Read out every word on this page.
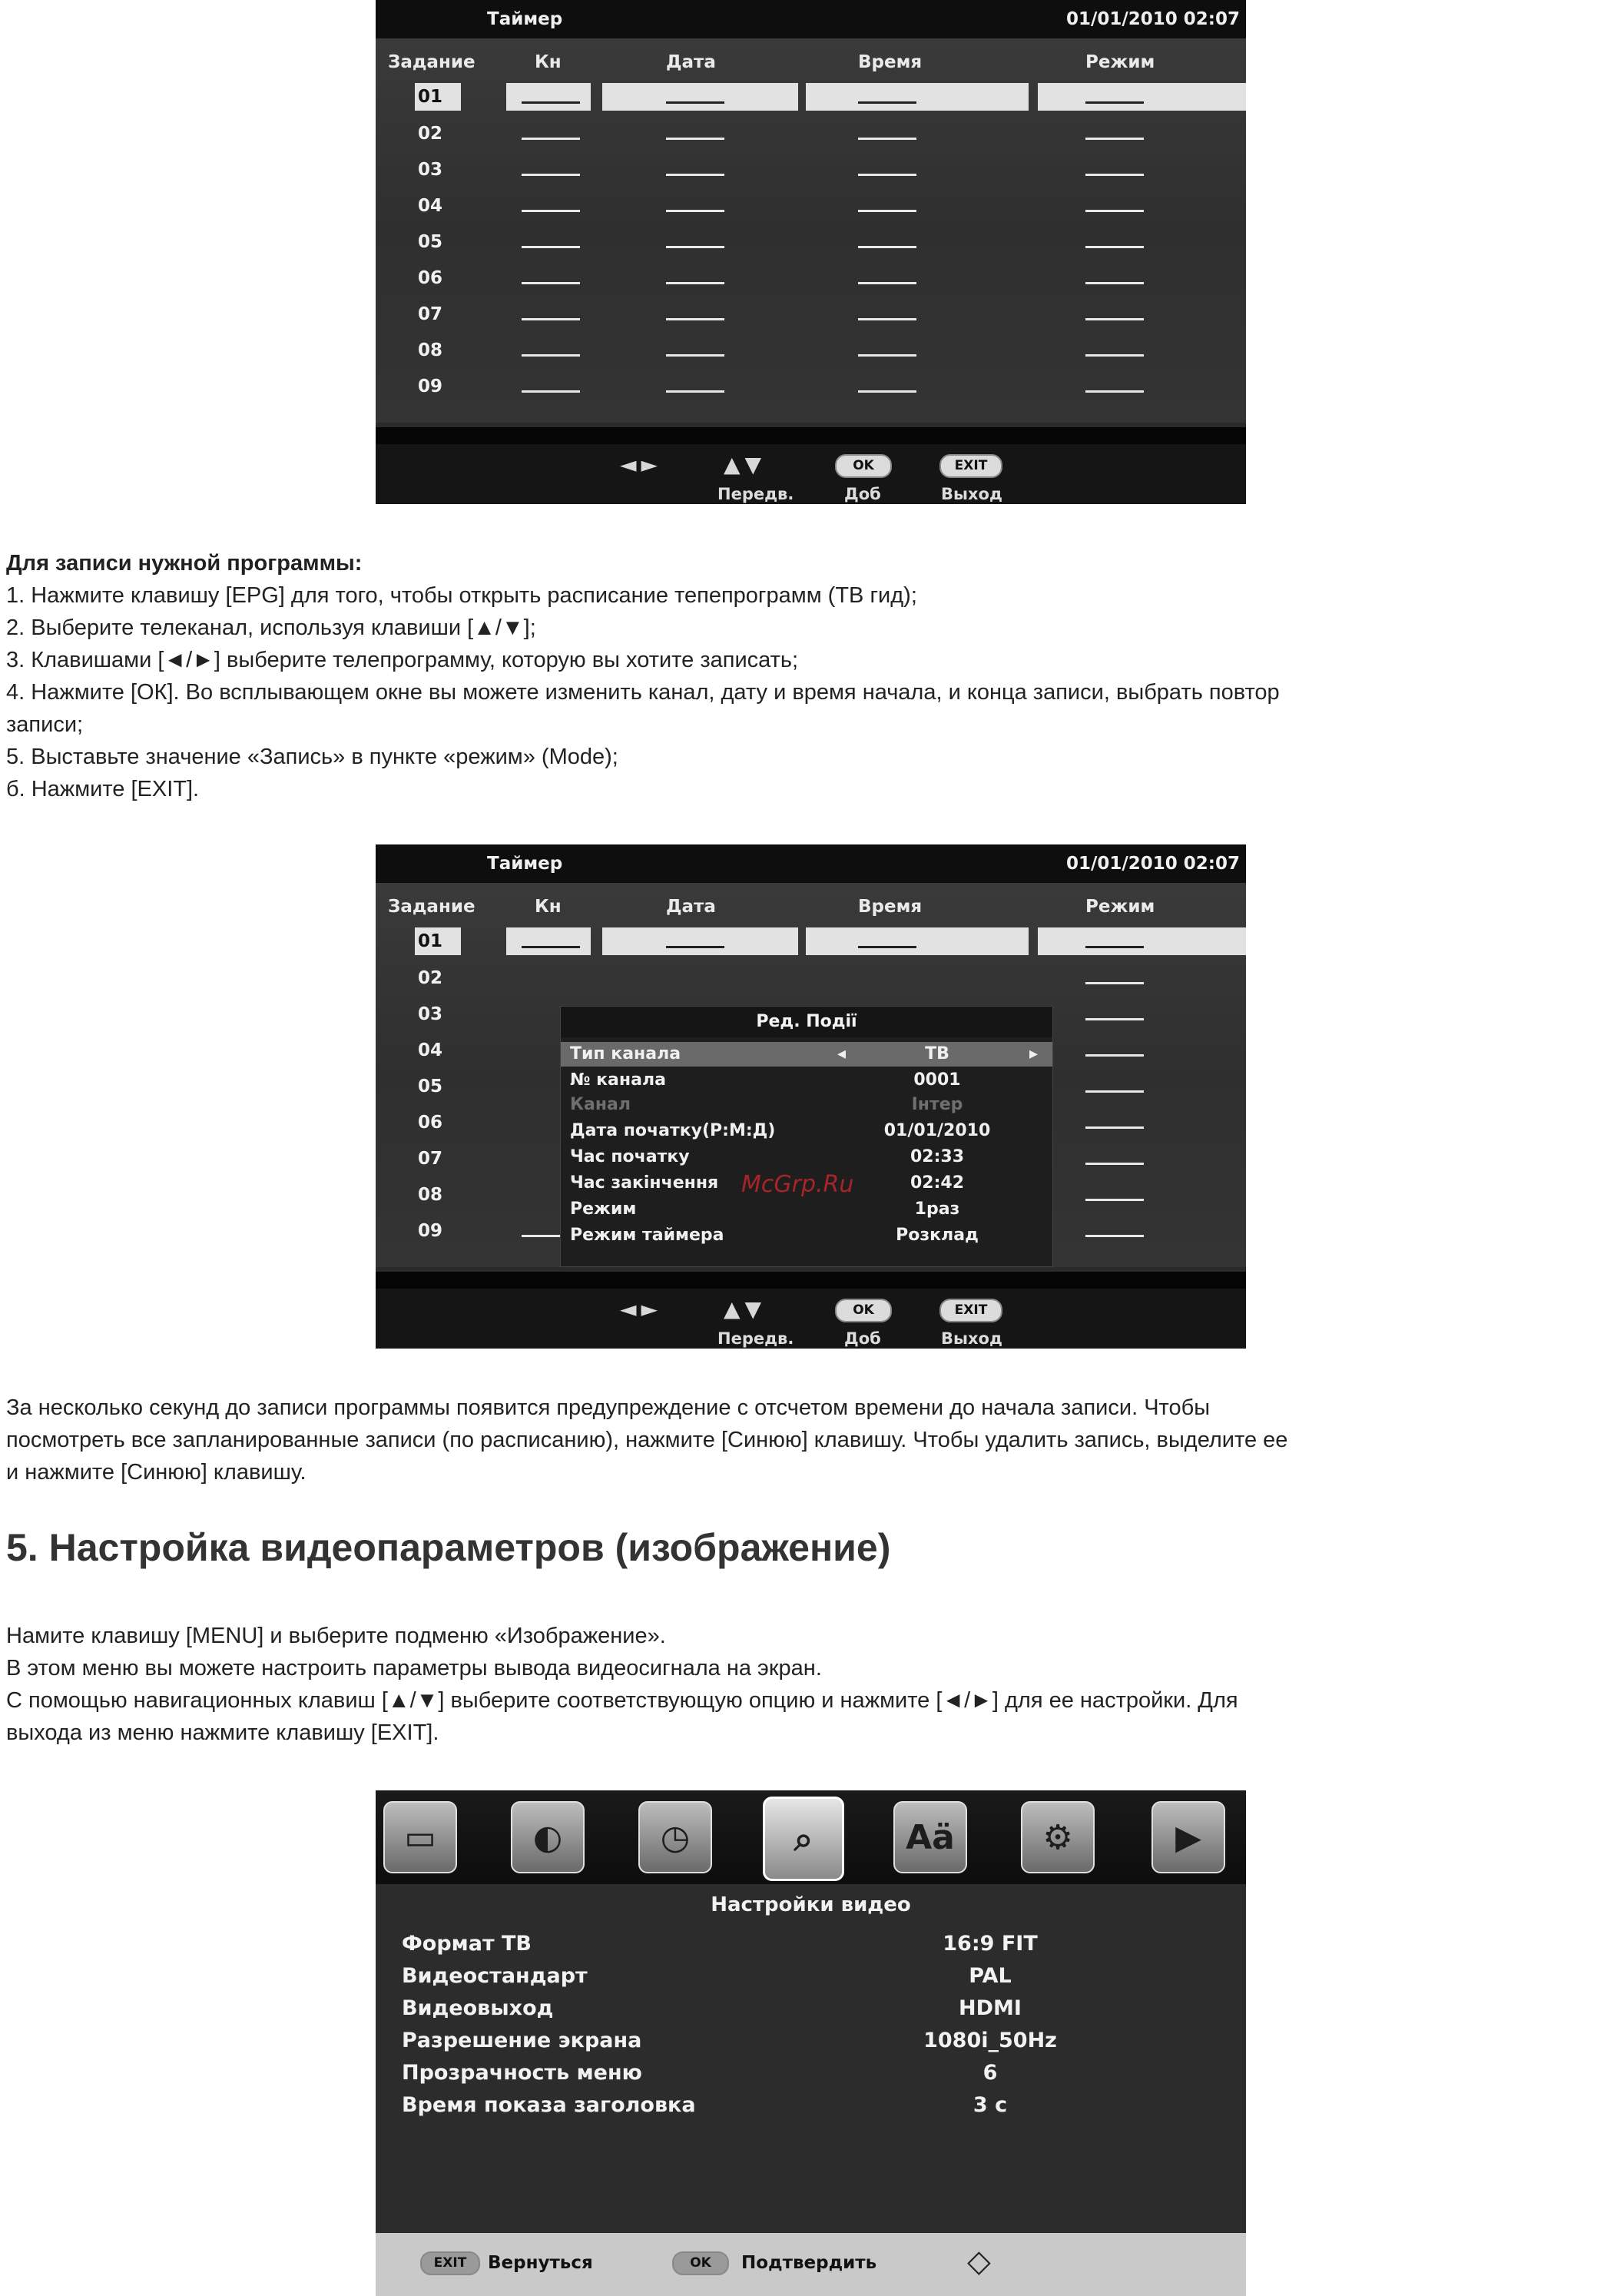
Таймер	01/01/2010 02:07
Задание	Кн	Дата	Время	Режим
01
02
03
04
05
06
07
08
09
◄►	▲▼	OK	EXIT
Передв.	Доб	Выход
Для записи нужной программы:
1. Нажмите клавишу [EPG] для того, чтобы открыть расписание тепепрограмм (ТВ гид);
2. Выберите телеканал, используя клавиши [▲/▼];
3. Клавишами [◄/►] выберите телепрограмму, которую вы хотите записать;
4. Нажмите [ОК]. Во всплывающем окне вы можете изменить канал, дату и время начала, и конца записи, выбрать повтор
записи;
5. Выставьте значение «Запись» в пункте «режим» (Mode);
б. Нажмите [EXIT].
Таймер	01/01/2010 02:07
Задание	Кн	Дата	Время	Режим
01
02
03
04
05
06
07
08
09
Ред. Події
Тип канала	◂	ТВ	▸
№ канала	0001
Канал	Інтер
Дата початку(Р:М:Д)	01/01/2010
Час початку	02:33
Час закінчення McGrp.Ru	02:42
Режим	1раз
Режим таймера	Розклад
◄►	▲▼	OK	EXIT
Передв.	Доб	Выход
За несколько секунд до записи программы появится предупреждение с отсчетом времени до начала записи. Чтобы
посмотреть все запланированные записи (по расписанию), нажмите [Синюю] клавишу. Чтобы удалить запись, выделите ее
и нажмите [Синюю] клавишу.
5. Настройка видеопараметров (изображение)
Намите клавишу [MENU] и выберите подменю «Изображение».
В этом меню вы можете настроить параметры вывода видеосигнала на экран.
С помощью навигационных клавиш [▲/▼] выберите соответствующую опцию и нажмите [◄/►] для ее настройки. Для
выхода из меню нажмите клавишу [EXIT].
▭	◐	◷	⌕	Aä	⚙	▶
Настройки видео
Формат ТВ	16:9 FIT
Видеостандарт	PAL
Видеовыход	HDMI
Разрешение экрана	1080i_50Hz
Прозрачность меню	6
Время показа заголовка	3 с
EXIT	Вернуться	OK	Подтвердить	◇
